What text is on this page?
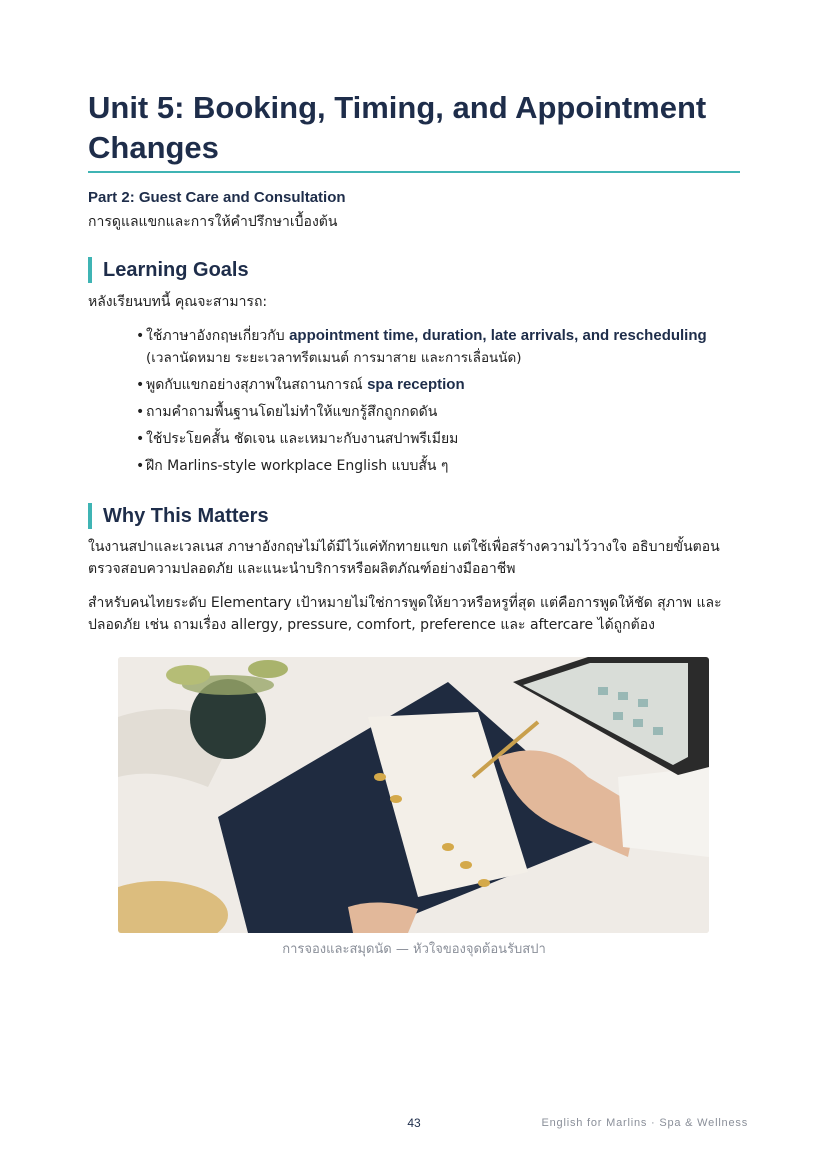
Unit 5: Booking, Timing, and Appointment Changes
Part 2: Guest Care and Consultation
การดูแลแขกและการให้คำปรึกษาเบื้องต้น
Learning Goals
หลังเรียนบทนี้ คุณจะสามารถ:
• ใช้ภาษาอังกฤษเกี่ยวกับ appointment time, duration, late arrivals, and rescheduling
(เวลานัดหมาย ระยะเวลาทรีตเมนต์ การมาสาย และการเลื่อนนัด)
• พูดกับแขกอย่างสุภาพในสถานการณ์ spa reception
• ถามคำถามพื้นฐานโดยไม่ทำให้แขกรู้สึกถูกกดดัน
• ใช้ประโยคสั้น ชัดเจน และเหมาะกับงานสปาพรีเมียม
• ฝึก Marlins-style workplace English แบบสั้น ๆ
Why This Matters

ในงานสปาและเวลเนส ภาษาอังกฤษไม่ได้มีไว้แค่ทักทายแขก แต่ใช้เพื่อสร้างความไว้วางใจ อธิบายขั้นตอน ตรวจสอบความปลอดภัย และแนะนำบริการหรือผลิตภัณฑ์อย่างมืออาชีพ

สำหรับคนไทยระดับ Elementary เป้าหมายไม่ใช่การพูดให้ยาวหรือหรูที่สุด แต่คือการพูดให้ชัด สุภาพ และปลอดภัย เช่น ถามเรื่อง allergy, pressure, comfort, preference และ aftercare ได้ถูกต้อง

การจองและสมุดนัด — หัวใจของจุดต้อนรับสปา
43	English for Marlins · Spa & Wellness
